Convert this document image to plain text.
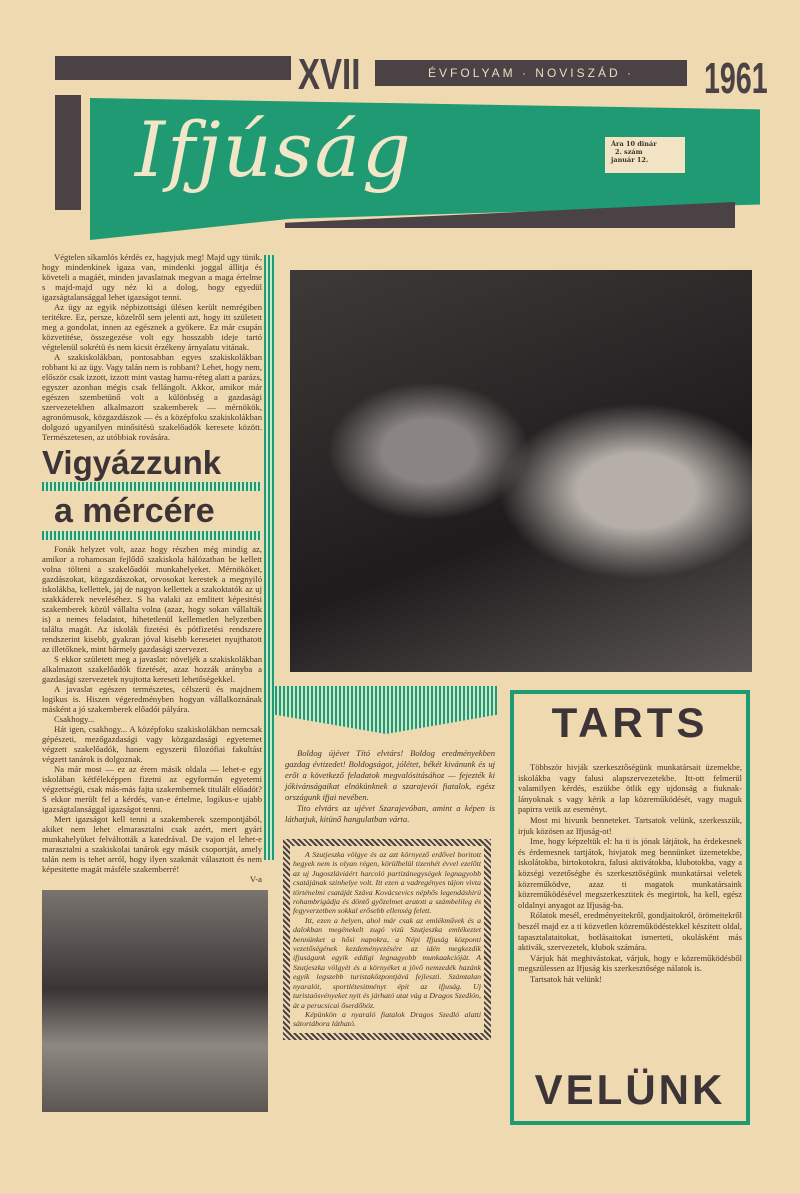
XVII	ÉVFOLYAM · NOVISZÁD ·	1961
Ifjúság	Ára 10 dinár
2. szám
január 12.

Végtelen síkamlós kérdés ez, hagyjuk meg! Majd ugy tünik, hogy mindenkinek igaza van, mindenki joggal állitja és követeli a magáét, minden javaslatnak megvan a maga értelme s majd-majd ugy néz ki a dolog, hogy egyedül igazságtalansággal lehet igazságot tenni.

Az ügy az egyik népbizottsági ülésen került nemrégiben teritékre. Ez, persze, közelről sem jelenti azt, hogy itt született meg a gondolat, innen az egésznek a gyökere. Ez már csupán közvetitése, összegezése volt egy hosszabb ideje tartó végtelenül sokrétü és nem kicsit érzékeny árnyalatu vitának.

A szakiskolákban, pontosabban egyes szakiskolákban robbant ki az ügy. Vagy talán nem is robbant? Lehet, hogy nem, először csak izzott, izzott mint vastag hamu-réteg alatt a parázs, egyszer azonban mégis csak fellángolt. Akkor, amikor már egészen szembetünő volt a különbség a gazdasági szervezetekben alkalmazott szakemberek — mérnökök, agronómusok, közgazdászok — és a középfoku szakiskolákban dolgozó ugyanilyen minősitésü szakelőadók keresete között. Természetesen, az utóbbiak rovására.

Vigyázzunk
a mércére

Fonák helyzet volt, azaz hogy részben még mindig az, amikor a rohamosan fejlődő szakiskola hálózatban be kellett volna tölteni a szakelőadói munkahelyeket. Mérnököket, gazdászokat, közgazdászokat, orvosokat kerestek a megnyiló iskolákba, kellettek, jaj de nagyon kellettek a szakoktatók az uj szakkáderek neveléséhez. S ha valaki az emlitett képesitési szakemberek közül vállalta volna (azaz, hogy sokan vállalták is) a nemes feladatot, hihetetlenül kellemetlen helyzetben találta magát. Az iskolák fizetési és pótfizetési rendszere rendszerint kisebb, gyakran jóval kisebb keresetet nyujthatott az illetőknek, mint bármely gazdasági szervezet.

S ekkor született meg a javaslat: növeljék a szakiskolákban alkalmazott szakelőadók fizetését, azaz hozzák arányba a gazdasági szervezetek nyujtotta kereseti lehetőségekkel.

A javaslat egészen természetes, célszerü és majdnem logikus is. Hiszen végeredményben hogyan vállalkoznának másként a jó szakemberek előadói pályára.

Csakhogy...

Hát igen, csakhogy... A középfoku szakiskolákban nemcsak gépészeti, mezőgazdasági vagy közgazdasági egyetemet végzett szakelőadók, hanem egyszerü filozófiai fakultást végzett tanárok is dolgoznak.

Na már most — ez az érem másik oldala — lehet-e egy iskolában kétféleképpen fizetni az egyformán egyetemi végzettségü, csak más-más fajta szakembernek titulált előadót? S ekkor merült fel a kérdés, van-e értelme, logikus-e ujabb igazságtalansággal igazságot tenni.

Mert igazságot kell tenni a szakemberek szempontjából, akiket nem lehet elmarasztalni csak azért, mert gyári munkahelyüket felváltották a katedrával. De vajon el lehet-e marasztalni a szakiskolai tanárok egy másik csoportját, amely talán nem is tehet arról, hogy ilyen szakmát választott és nem képesitette magát másféle szakemberré!

V-a

Boldog újévet Tító elvtárs! Boldog eredményekben gazdag évtizedet! Boldogságot, jólétet, békét kivánunk és uj erőt a következő feladatok megvalósitásához — fejezték ki jókivánságaikat elnökünknek a szarajevói fiatalok, egész országunk ifjai nevében.

Tito elvtárs az ujévet Szarajevóban, amint a képen is láthatjuk, kitünő hangulatban várta.

A Szutjeszka völgye és az azt környező erdővel boritott hegyek nem is olyan régen, körülbelül tizenhét évvel ezelőtt az uj Jugoszláviáért harcoló partizánegységek legnagyobb csatájának szinhelye volt. Itt ezen a vadregényes tájon vivta történelmi csatáját Száva Kovácsevics néphős legendáshirü rohambrigádja és döntő győzelmet aratott a számbelileg és fegyverzetben sokkal erősebb ellenség felett.

Itt, ezen a helyen, ahol már csak az emlékművek és a dalokban megénekelt zugó vizü Szutjeszka emlékeztet bennünket a hősi napokra, a Népi Ifjuság központi vezetőségének kezdeményezésére az idén megkezdik ifjuságunk egyik eddigi legnagyobb munkaakcióját. A Szutjeszka völgyét és a környéket a jövő nemzedék hazánk egyik legszebb turistaközpontjává fejleszti. Számtalan nyaralót, sportlétesitményt épit az ifjuság. Uj turistaösvényeket nyit és járható utat vág a Dragos Szedlón, át a perucsicai őserdőhöz.

Képünkön a nyaraló fiatalok Dragos Szedló alatti sátortábora látható.

TARTS

Többször hivják szerkesztőségünk munkatársait üzemekbe, iskolákba vagy falusi alapszervezetekbe. Itt-ott felmerül valamilyen kérdés, eszükbe ötlik egy ujdonság a fiuknak-lányoknak s vagy kérik a lap közreműködését, vagy maguk papirra vetik az eseményt.

Most mi hivunk benneteket. Tartsatok velünk, szerkesszük, irjuk közösen az Ifjuság-ot!

Ime, hogy képzeltük el: ha ti is jónak látjátok, ha érdekesnek és érdemesnek tartjátok, hivjatok meg bennünket üzemetekbe, iskolátokba, birtokotokra, falusi aktivátokba, klubotokba, vagy a községi vezetőségbe és szerkesztőségünk munkatársai veletek közreműködve, azaz ti magatok munkatársaink közreműködésével megszerkesztitek és megirtok, ha kell, egész oldalnyi anyagot az Ifjuság-ba.

Rólatok mesél, eredményeitekről, gondjaitokról, örömeitekről beszél majd ez a ti közvetlen közreműködéstekkel készitett oldal, tapasztalataitokat, botlásaitokat ismerteti, okulásként más aktivák, szervezetek, klubok számára.

Várjuk hát meghivástokat, várjuk, hogy e közreműködésből megszülessen az Ifjuság kis szerkesztősége nálatok is.

Tartsatok hát velünk!

VELÜNK
